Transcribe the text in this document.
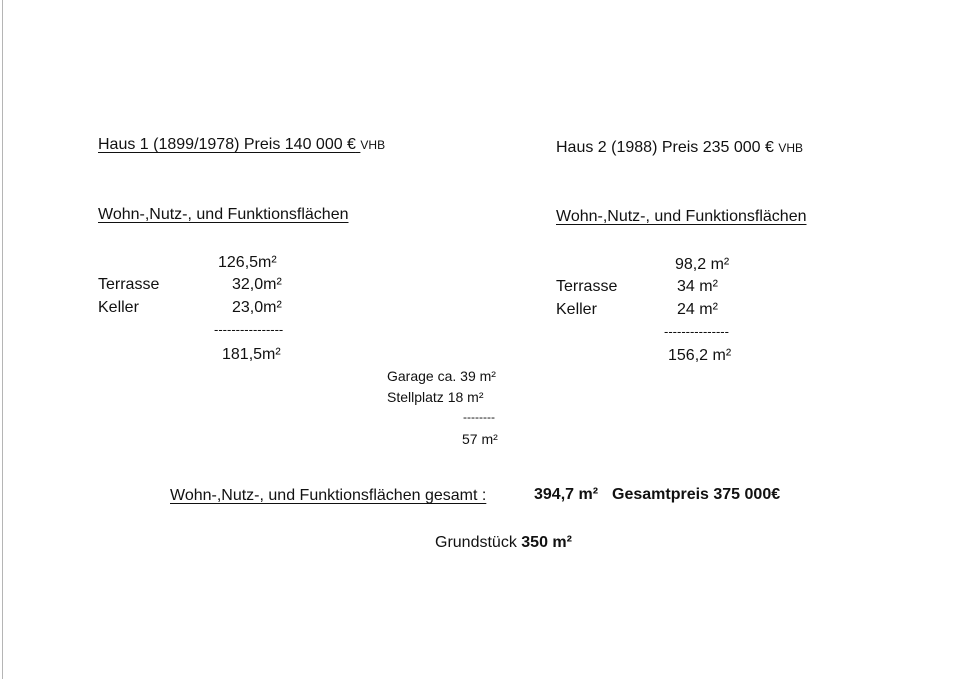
Haus 1 (1899/1978) Preis 140 000 € VHB
Wohn-,Nutz-, und Funktionsflächen
126,5m²
Terrasse	32,0m²
Keller	23,0m²
----------------
181,5m²
Haus 2 (1988) Preis 235 000 € VHB
Wohn-,Nutz-, und Funktionsflächen
98,2 m²
Terrasse	34 m²
Keller	24 m²
---------------
156,2 m²
Garage ca. 39 m²
Stellplatz 18 m²
--------
57 m²
Wohn-,Nutz-, und Funktionsflächen gesamt :	394,7 m² Gesamtpreis 375 000€
Grundstück 350 m²
